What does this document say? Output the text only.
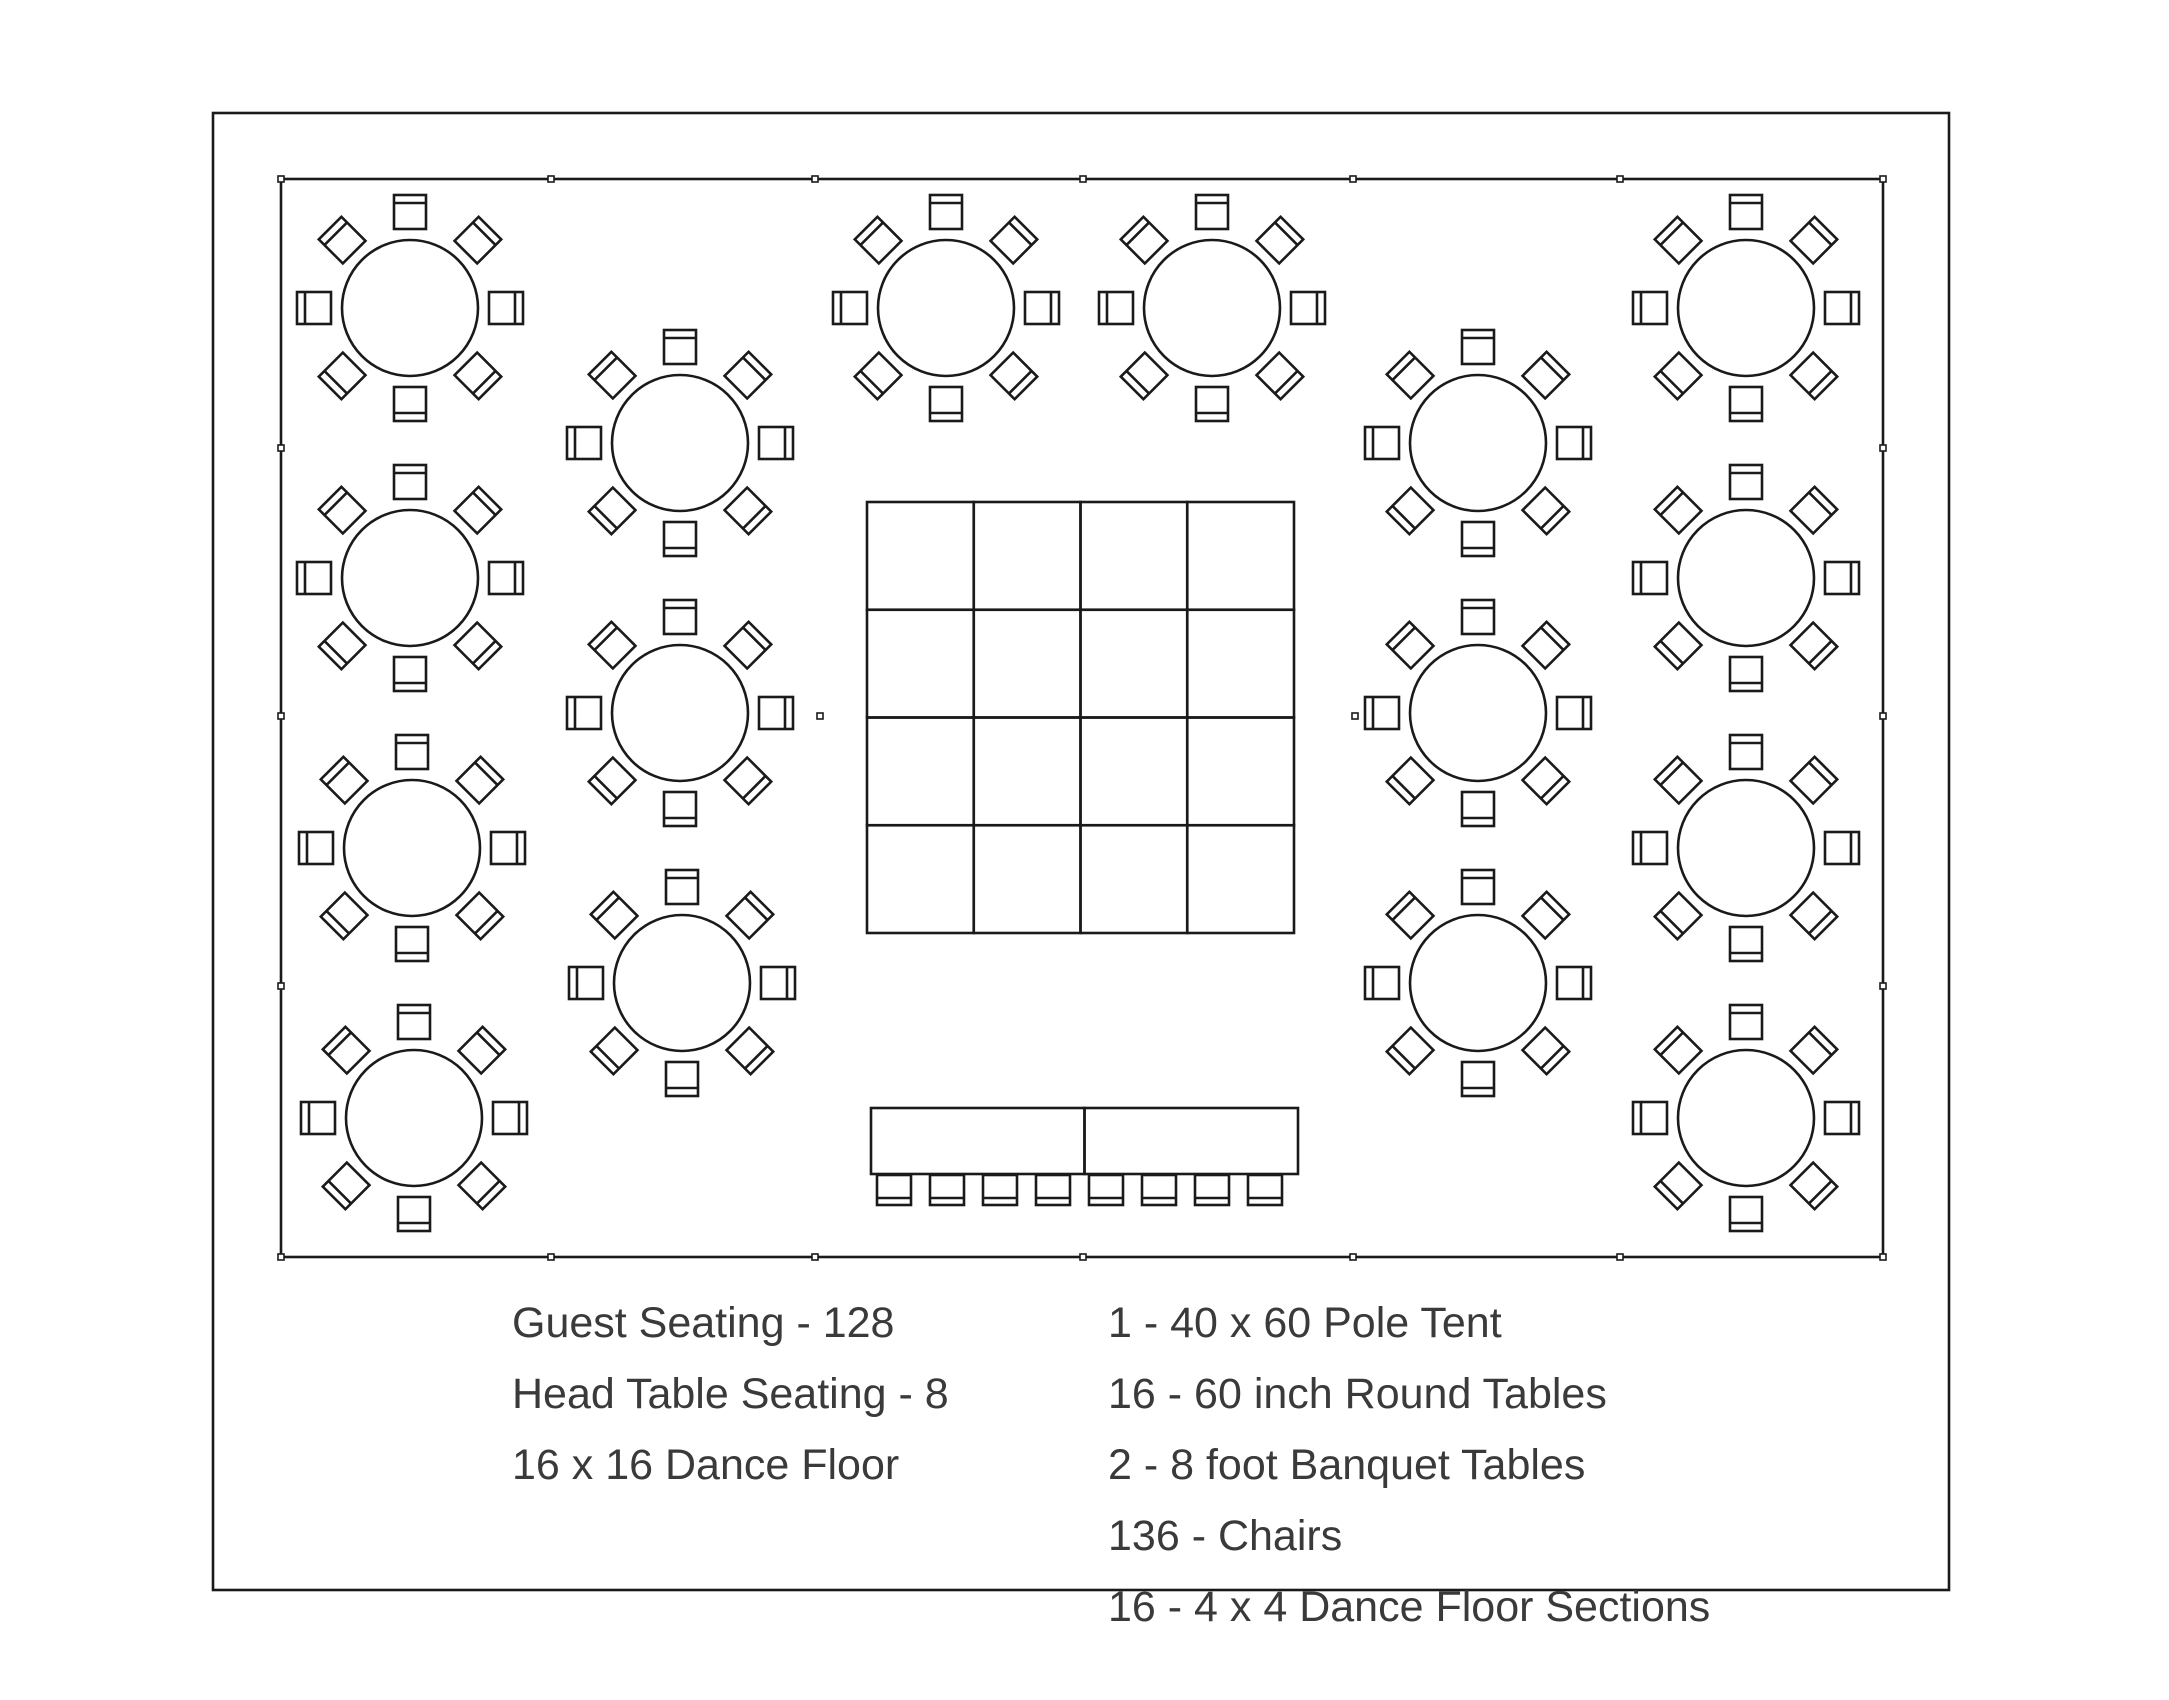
Guest Seating - 128
Head Table Seating - 8
16 x 16 Dance Floor
1 - 40 x 60 Pole Tent
16 - 60 inch Round Tables
2 - 8 foot Banquet Tables
136 - Chairs
16 - 4 x 4 Dance Floor Sections
